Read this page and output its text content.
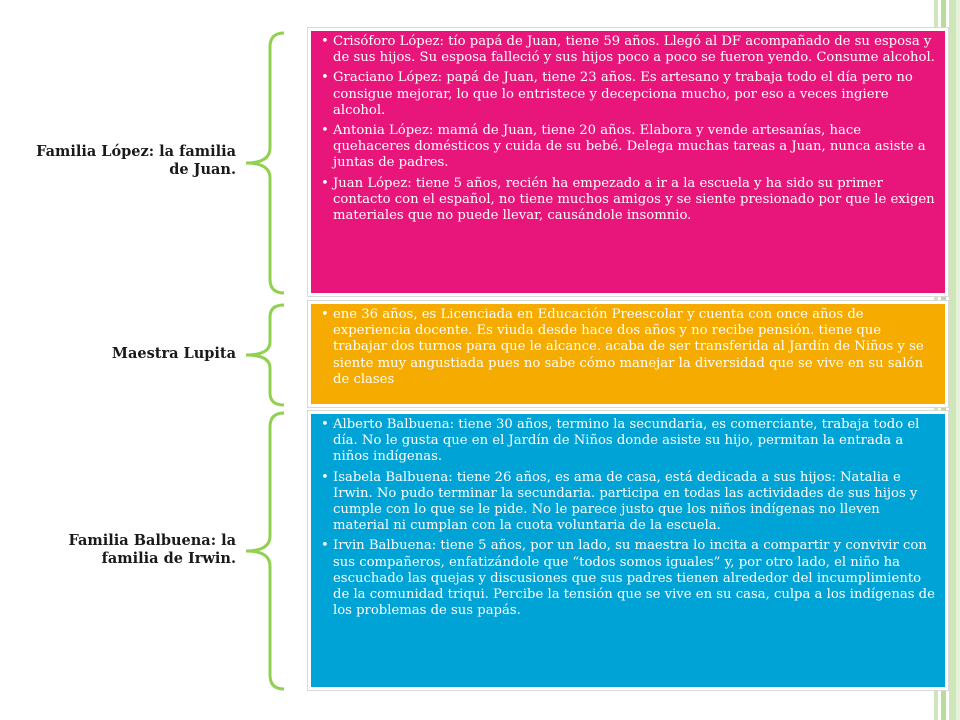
Familia López: la familia de Juan.
• Crisóforo López: tío papá de Juan, tiene 59 años. Llegó al DF acompañado de su esposa y de sus hijos. Su esposa falleció y sus hijos poco a poco se fueron yendo. Consume alcohol.
• Graciano López: papá de Juan, tiene 23 años. Es artesano y trabaja todo el día pero no consigue mejorar, lo que lo entristece y decepciona mucho, por eso a veces ingiere alcohol.
• Antonia López: mamá de Juan, tiene 20 años. Elabora y vende artesanías, hace quehaceres domésticos y cuida de su bebé. Delega muchas tareas a Juan, nunca asiste a juntas de padres.
• Juan López: tiene 5 años, recién ha empezado a ir a la escuela y ha sido su primer contacto con el español, no tiene muchos amigos y se siente presionado por que le exigen materiales que no puede llevar, causándole insomnio.
Maestra Lupita
• ene 36 años, es Licenciada en Educación Preescolar y cuenta con once años de experiencia docente. Es viuda desde hace dos años y no recibe pensión. tiene que trabajar dos turnos para que le alcance. acaba de ser transferida al Jardín de Niños y se siente muy angustiada pues no sabe cómo manejar la diversidad que se vive en su salón de clases
Familia Balbuena: la familia de Irwin.
• Alberto Balbuena: tiene 30 años, termino la secundaria, es comerciante, trabaja todo el día. No le gusta que en el Jardín de Niños donde asiste su hijo, permitan la entrada a niños indígenas.
• Isabela Balbuena: tiene 26 años, es ama de casa, está dedicada a sus hijos: Natalia e Irwin. No pudo terminar la secundaria. participa en todas las actividades de sus hijos y cumple con lo que se le pide. No le parece justo que los niños indígenas no lleven material ni cumplan con la cuota voluntaria de la escuela.
• Irvin Balbuena: tiene 5 años, por un lado, su maestra lo incita a compartir y convivir con sus compañeros, enfatizándole que “todos somos iguales” y, por otro lado, el niño ha escuchado las quejas y discusiones que sus padres tienen alrededor del incumplimiento de la comunidad triqui. Percibe la tensión que se vive en su casa, culpa a los indígenas de los problemas de sus papás.
